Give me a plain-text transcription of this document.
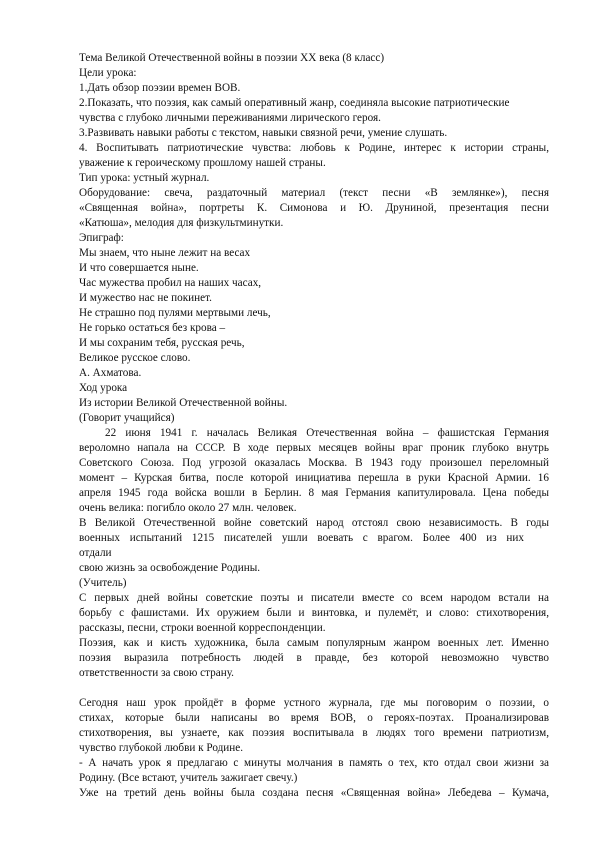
Тема Великой Отечественной войны в поэзии ХХ века (8 класс)
Цели урока:
1.Дать обзор поэзии времен ВОВ.
2.Показать, что поэзия, как самый оперативный жанр, соединяла высокие патриотические
чувства с глубоко личными переживаниями лирического героя.
3.Развивать навыки работы с текстом, навыки связной речи, умение слушать.
4. Воспитывать патриотические чувства: любовь к Родине, интерес к истории страны,
уважение к героическому прошлому нашей страны.
Тип урока: устный журнал.
Оборудование: свеча, раздаточный материал (текст песни «В землянке»), песня
«Священная война», портреты К. Симонова и Ю. Друниной, презентация песни
«Катюша», мелодия для физкультминутки.
Эпиграф:
Мы знаем, что ныне лежит на весах
И что совершается ныне.
Час мужества пробил на наших часах,
И мужество нас не покинет.
Не страшно под пулями мертвыми лечь,
Не горько остаться без крова –
И мы сохраним тебя, русская речь,
Великое русское слово.
А. Ахматова.
Ход урока
Из истории Великой Отечественной войны.
(Говорит учащийся)
22 июня 1941 г. началась Великая Отечественная война – фашистская Германия
вероломно напала на СССР. В ходе первых месяцев войны враг проник глубоко внутрь
Советского Союза. Под угрозой оказалась Москва. В 1943 году произошел переломный
момент – Курская битва, после которой инициатива перешла в руки Красной Армии. 16
апреля 1945 года войска вошли в Берлин. 8 мая Германия капитулировала. Цена победы
очень велика: погибло около 27 млн. человек.
В Великой Отечественной войне советский народ отстоял свою независимость. В годы
военных испытаний 1215 писателей ушли воевать с врагом. Более 400 из них
отдали
свою жизнь за освобождение Родины.
(Учитель)
С первых дней войны советские поэты и писатели вместе со всем народом встали на
борьбу с фашистами. Их оружием были и винтовка, и пулемёт, и слово: стихотворения,
рассказы, песни, строки военной корреспонденции.
Поэзия, как и кисть художника, была самым популярным жанром военных лет. Именно
поэзия выразила потребность людей в правде, без которой невозможно чувство
ответственности за свою страну.
Сегодня наш урок пройдёт в форме устного журнала, где мы поговорим о поэзии, о
стихах, которые были написаны во время ВОВ, о героях-поэтах. Проанализировав
стихотворения, вы узнаете, как поэзия воспитывала в людях того времени патриотизм,
чувство глубокой любви к Родине.
- А начать урок я предлагаю с минуты молчания в память о тех, кто отдал свои жизни за
Родину. (Все встают, учитель зажигает свечу.)
Уже на третий день войны была создана песня «Священная война» Лебедева – Кумача,
